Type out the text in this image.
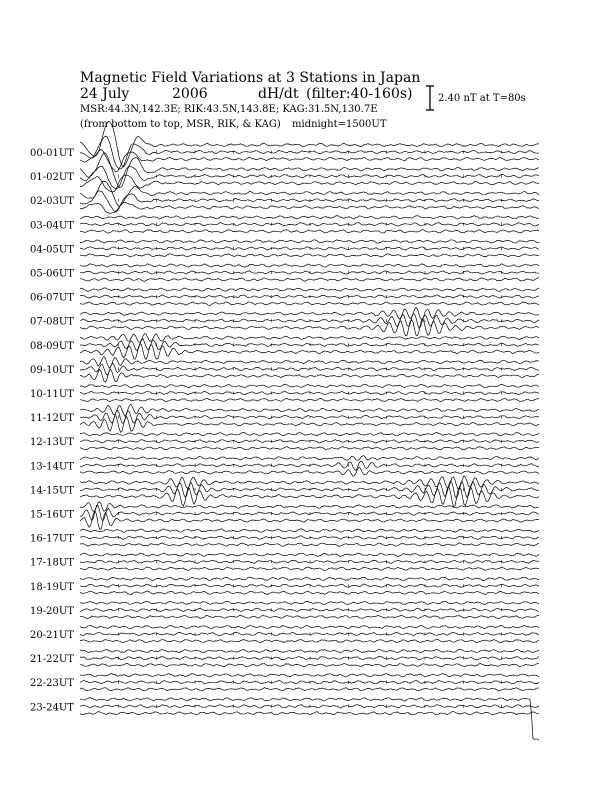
Magnetic Field Variations at 3 Stations in Japan
24 July	2006	dH/dt (filter:40-160s)
MSR:44.3N,142.3E; RIK:43.5N,143.8E; KAG:31.5N,130.7E
(from bottom to top, MSR, RIK, & KAG) midnight=1500UT
2.40 nT at T=80s
00-01UT
01-02UT
02-03UT
03-04UT
04-05UT
05-06UT
06-07UT
07-08UT
08-09UT
09-10UT
10-11UT
11-12UT
12-13UT
13-14UT
14-15UT
15-16UT
16-17UT
17-18UT
18-19UT
19-20UT
20-21UT
21-22UT
22-23UT
23-24UT
